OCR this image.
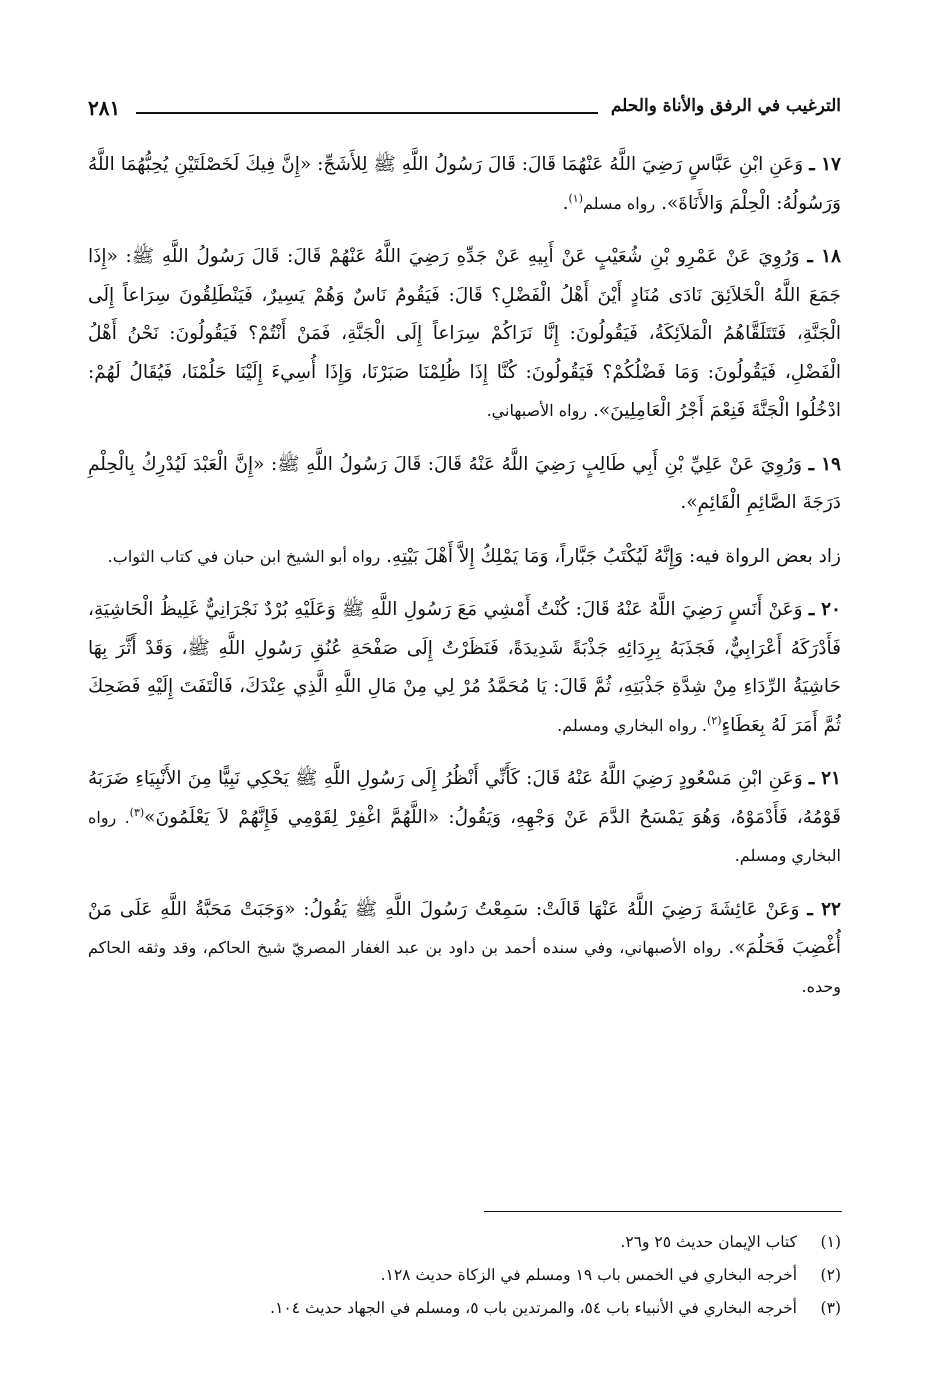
الترغيب في الرفق والأناة والحلم
٢٨١

١٧ ـ وَعَنِ ابْنِ عَبَّاسٍ رَضِيَ اللَّهُ عَنْهُمَا قَالَ: قَالَ رَسُولُ اللَّهِ ﷺ لِلأَشَجِّ: «إِنَّ فِيكَ لَخَصْلَتَيْنِ يُحِبُّهُمَا اللَّهُ وَرَسُولُهُ: الْحِلْمَ وَالأَنَاةَ». رواه مسلم$^{(١)}$.

١٨ ـ وَرُوِيَ عَنْ عَمْرِو بْنِ شُعَيْبٍ عَنْ أَبِيهِ عَنْ جَدِّهِ رَضِيَ اللَّهُ عَنْهُمْ قَالَ: قَالَ رَسُولُ اللَّهِ ﷺ: «إِذَا جَمَعَ اللَّهُ الْخَلاَئِقَ نَادَى مُنَادٍ أَيْنَ أَهْلُ الْفَضْلِ؟ قَالَ: فَيَقُومُ نَاسٌ وَهُمْ يَسِيرٌ، فَيَنْطَلِقُونَ سِرَاعاً إِلَى الْجَنَّةِ، فَتَتَلَقَّاهُمُ الْمَلاَئِكَةُ، فَيَقُولُونَ: إِنَّا نَرَاكُمْ سِرَاعاً إِلَى الْجَنَّةِ، فَمَنْ أَنْتُمْ؟ فَيَقُولُونَ: نَحْنُ أَهْلُ الْفَضْلِ، فَيَقُولُونَ: وَمَا فَضْلُكُمْ؟ فَيَقُولُونَ: كُنَّا إِذَا ظُلِمْنَا صَبَرْنَا، وَإِذَا أُسِيءَ إِلَيْنَا حَلُمْنَا، فَيُقَالُ لَهُمْ: ادْخُلُوا الْجَنَّةَ فَنِعْمَ أَجْرُ الْعَامِلِينَ». رواه الأصبهاني.

١٩ ـ وَرُوِيَ عَنْ عَلِيِّ بْنِ أَبِي طَالِبٍ رَضِيَ اللَّهُ عَنْهُ قَالَ: قَالَ رَسُولُ اللَّهِ ﷺ: «إِنَّ الْعَبْدَ لَيُدْرِكُ بِالْحِلْمِ دَرَجَةَ الصَّائِمِ الْقَائِمِ».

زاد بعض الرواة فيه: وَإِنَّهُ لَيُكْتَبُ جَبَّاراً، وَمَا يَمْلِكُ إِلاَّ أَهْلَ بَيْتِهِ. رواه أبو الشيخ ابن حبان في كتاب الثواب.

٢٠ ـ وَعَنْ أَنَسٍ رَضِيَ اللَّهُ عَنْهُ قَالَ: كُنْتُ أَمْشِي مَعَ رَسُولِ اللَّهِ ﷺ وَعَلَيْهِ بُرْدٌ نَجْرَانِيٌّ غَلِيظُ الْحَاشِيَةِ، فَأَدْرَكَهُ أَعْرَابِيٌّ، فَجَذَبَهُ بِرِدَائِهِ جَذْبَةً شَدِيدَةً، فَنَظَرْتُ إِلَى صَفْحَةِ عُنُقِ رَسُولِ اللَّهِ ﷺ، وَقَدْ أَثَّرَ بِهَا حَاشِيَةُ الرِّدَاءِ مِنْ شِدَّةِ جَذْبَتِهِ، ثُمَّ قَالَ: يَا مُحَمَّدُ مُرْ لِي مِنْ مَالِ اللَّهِ الَّذِي عِنْدَكَ، فَالْتَفَتَ إِلَيْهِ فَضَحِكَ ثُمَّ أَمَرَ لَهُ بِعَطَاءٍ$^{(٢)}$. رواه البخاري ومسلم.

٢١ ـ وَعَنِ ابْنِ مَسْعُودٍ رَضِيَ اللَّهُ عَنْهُ قَالَ: كَأَنِّي أَنْظُرُ إِلَى رَسُولِ اللَّهِ ﷺ يَحْكِي نَبِيًّا مِنَ الأَنْبِيَاءِ ضَرَبَهُ قَوْمُهُ، فَأَدْمَوْهُ، وَهُوَ يَمْسَحُ الدَّمَ عَنْ وَجْهِهِ، وَيَقُولُ: «اللَّهُمَّ اغْفِرْ لِقَوْمِي فَإِنَّهُمْ لاَ يَعْلَمُونَ»$^{(٣)}$. رواه البخاري ومسلم.

٢٢ ـ وَعَنْ عَائِشَةَ رَضِيَ اللَّهُ عَنْهَا قَالَتْ: سَمِعْتُ رَسُولَ اللَّهِ ﷺ يَقُولُ: «وَجَبَتْ مَحَبَّةُ اللَّهِ عَلَى مَنْ أُغْضِبَ فَحَلُمَ». رواه الأصبهاني، وفي سنده أحمد بن داود بن عبد الغفار المصريّ شيخ الحاكم، وقد وثقه الحاكم وحده.

(١)كتاب الإيمان حديث ٢٥ و٢٦.
(٢)أخرجه البخاري في الخمس باب ١٩ ومسلم في الزكاة حديث ١٢٨.
(٣)أخرجه البخاري في الأنبياء باب ٥٤، والمرتدين باب ٥، ومسلم في الجهاد حديث ١٠٤.
